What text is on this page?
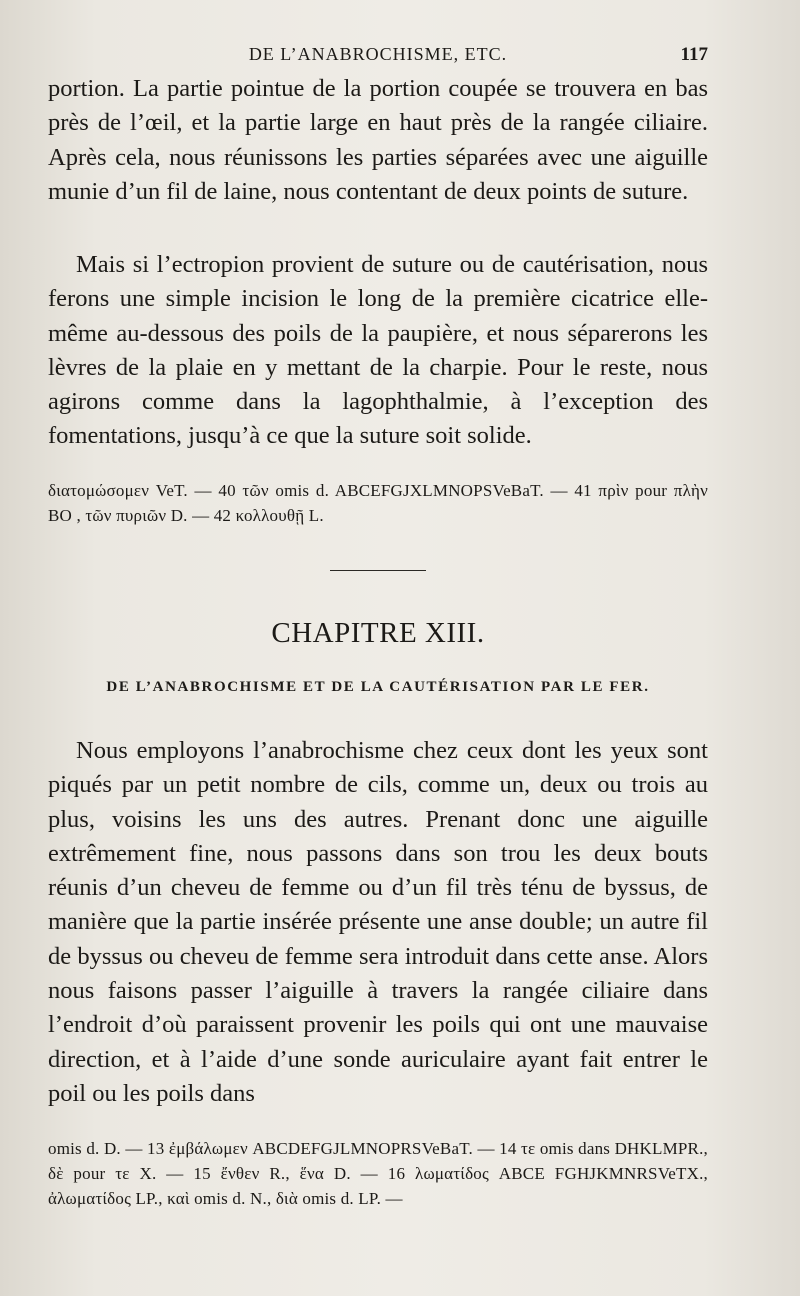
DE L’ANABROCHISME, ETC.	117

portion. La partie pointue de la portion coupée se trouvera en bas près de l’œil, et la partie large en haut près de la rangée ciliaire. Après cela, nous réunissons les parties séparées avec une aiguille munie d’un fil de laine, nous contentant de deux points de suture.

Mais si l’ectropion provient de suture ou de cautérisation, nous ferons une simple incision le long de la première cicatrice elle-même au-dessous des poils de la paupière, et nous séparerons les lèvres de la plaie en y mettant de la charpie. Pour le reste, nous agirons comme dans la lagophthalmie, à l’exception des fomentations, jusqu’à ce que la suture soit solide.

διατομώσομεν VeT. — 40 τῶν omis d. ABCEFGJXLMNOPSVeBaT. — 41 πρὶν pour πλὴν BO , τῶν πυριῶν D. — 42 κολλουθῇ L.

CHAPITRE XIII.
DE L’ANABROCHISME ET DE LA CAUTÉRISATION PAR LE FER.

Nous employons l’anabrochisme chez ceux dont les yeux sont piqués par un petit nombre de cils, comme un, deux ou trois au plus, voisins les uns des autres. Prenant donc une aiguille extrêmement fine, nous passons dans son trou les deux bouts réunis d’un cheveu de femme ou d’un fil très ténu de byssus, de manière que la partie insérée présente une anse double; un autre fil de byssus ou cheveu de femme sera introduit dans cette anse. Alors nous faisons passer l’aiguille à travers la rangée ciliaire dans l’endroit d’où paraissent provenir les poils qui ont une mauvaise direction, et à l’aide d’une sonde auriculaire ayant fait entrer le poil ou les poils dans

omis d. D. — 13 ἐμβάλωμεν ABCDEFGJLMNOPRSVeBaT. — 14 τε omis dans DHKLMPR., δὲ pour τε X. — 15 ἔνθεν R., ἕνα D. — 16 λωματίδος ABCE FGHJKMNRSVeTX., ἀλωματίδος LP., καὶ omis d. N., διὰ omis d. LP. —
